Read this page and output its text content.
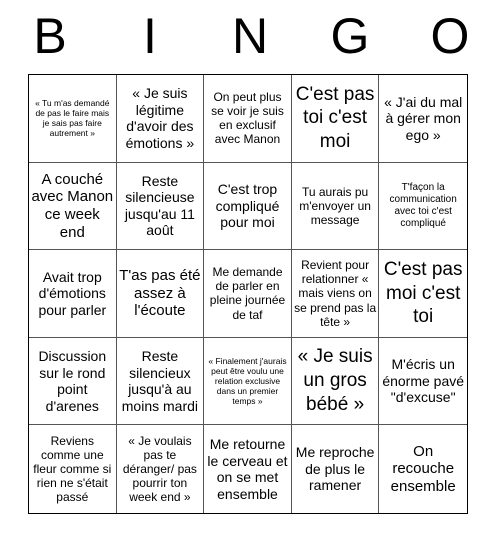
B	I	N	G	O
« Tu m'as demandé de pas le faire mais je sais pas faire autrement »
« Je suis légitime d'avoir des émotions »
On peut plus se voir je suis en exclusif avec Manon
C'est pas toi c'est moi
« J'ai du mal à gérer mon ego »
A couché avec Manon ce week end
Reste silencieuse jusqu'au 11 août
C'est trop compliqué pour moi
Tu aurais pu m'envoyer un message
T'façon la communication avec toi c'est compliqué
Avait trop d'émotions pour parler
T'as pas été assez à l'écoute
Me demande de parler en pleine journée de taf
Revient pour relationner « mais viens on se prend pas la tête »
C'est pas moi c'est toi
Discussion sur le rond point d'arenes
Reste silencieux jusqu'à au moins mardi
« Finalement j'aurais peut être voulu une relation exclusive dans un premier temps »
« Je suis un gros bébé »
M'écris un énorme pavé "d'excuse"
Reviens comme une fleur comme si rien ne s'était passé
« Je voulais pas te déranger/ pas pourrir ton week end »
Me retourne le cerveau et on se met ensemble
Me reproche de plus le ramener
On recouche ensemble
